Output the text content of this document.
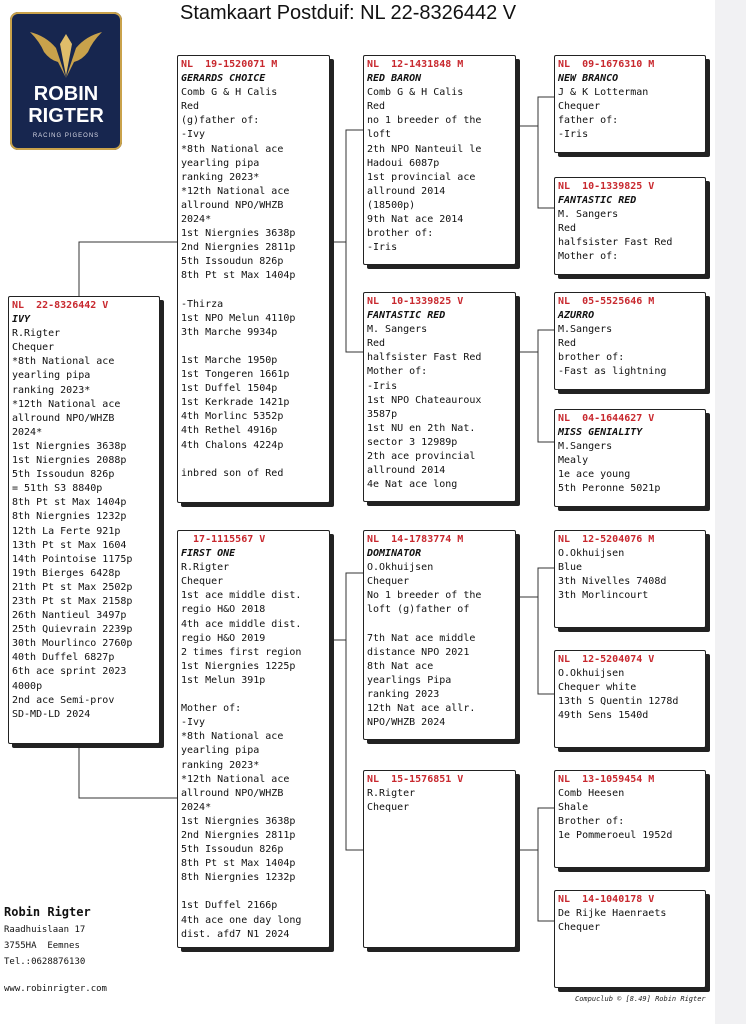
Stamkaart Postduif: NL 22-8326442 V
ROBIN
RIGTER
RACING PIGEONS
NL  22-8326442 V
IVY
R.Rigter
Chequer
*8th National ace
yearling pipa
ranking 2023*
*12th National ace
allround NPO/WHZB
2024*
1st Niergnies 3638p
1st Niergnies 2088p
5th Issoudun 826p
= 51th S3 8840p
8th Pt st Max 1404p
8th Niergnies 1232p
12th La Ferte 921p
13th Pt st Max 1604
14th Pointoise 1175p
19th Bierges 6428p
21th Pt st Max 2502p
23th Pt st Max 2158p
26th Nantieul 3497p
25th Quievrain 2239p
30th Mourlinco 2760p
40th Duffel 6827p
6th ace sprint 2023
4000p
2nd ace Semi-prov
SD-MD-LD 2024
NL  19-1520071 M
GERARDS CHOICE
Comb G & H Calis
Red
(g)father of:
-Ivy
*8th National ace
yearling pipa
ranking 2023*
*12th National ace
allround NPO/WHZB
2024*
1st Niergnies 3638p
2nd Niergnies 2811p
5th Issoudun 826p
8th Pt st Max 1404p
-Thirza
1st NPO Melun 4110p
3th Marche 9934p
1st Marche 1950p
1st Tongeren 1661p
1st Duffel 1504p
1st Kerkrade 1421p
4th Morlinc 5352p
4th Rethel 4916p
4th Chalons 4224p
inbred son of Red
17-1115567 V
FIRST ONE
R.Rigter
Chequer
1st ace middle dist.
regio H&O 2018
4th ace middle dist.
regio H&O 2019
2 times first region
1st Niergnies 1225p
1st Melun 391p
Mother of:
-Ivy
*8th National ace
yearling pipa
ranking 2023*
*12th National ace
allround NPO/WHZB
2024*
1st Niergnies 3638p
2nd Niergnies 2811p
5th Issoudun 826p
8th Pt st Max 1404p
8th Niergnies 1232p
1st Duffel 2166p
4th ace one day long
dist. afd7 N1 2024
NL  12-1431848 M
RED BARON
Comb G & H Calis
Red
no 1 breeder of the
loft
2th NPO Nanteuil le
Hadoui 6087p
1st provincial ace
allround 2014
(18500p)
9th Nat ace 2014
brother of:
-Iris
NL  10-1339825 V
FANTASTIC RED
M. Sangers
Red
halfsister Fast Red
Mother of:
-Iris
1st NPO Chateauroux
3587p
1st NU en 2th Nat.
sector 3 12989p
2th ace provincial
allround 2014
4e Nat ace long
NL  14-1783774 M
DOMINATOR
O.Okhuijsen
Chequer
No 1 breeder of the
loft (g)father of
7th Nat ace middle
distance NPO 2021
8th Nat ace
yearlings Pipa
ranking 2023
12th Nat ace allr.
NPO/WHZB 2024
NL  15-1576851 V
R.Rigter
Chequer
NL  09-1676310 M
NEW BRANCO
J & K Lotterman
Chequer
father of:
-Iris
NL  10-1339825 V
FANTASTIC RED
M. Sangers
Red
halfsister Fast Red
Mother of:
NL  05-5525646 M
AZURRO
M.Sangers
Red
brother of:
-Fast as lightning
NL  04-1644627 V
MISS GENIALITY
M.Sangers
Mealy
1e ace young
5th Peronne 5021p
NL  12-5204076 M
O.Okhuijsen
Blue
3th Nivelles 7408d
3th Morlincourt
NL  12-5204074 V
O.Okhuijsen
Chequer white
13th S Quentin 1278d
49th Sens 1540d
NL  13-1059454 M
Comb Heesen
Shale
Brother of:
1e Pommeroeul 1952d
NL  14-1040178 V
De Rijke Haenraets
Chequer
Robin Rigter
Raadhuislaan 17
3755HA  Eemnes
Tel.:0628876130
www.robinrigter.com
Compuclub © [8.49] Robin Rigter
